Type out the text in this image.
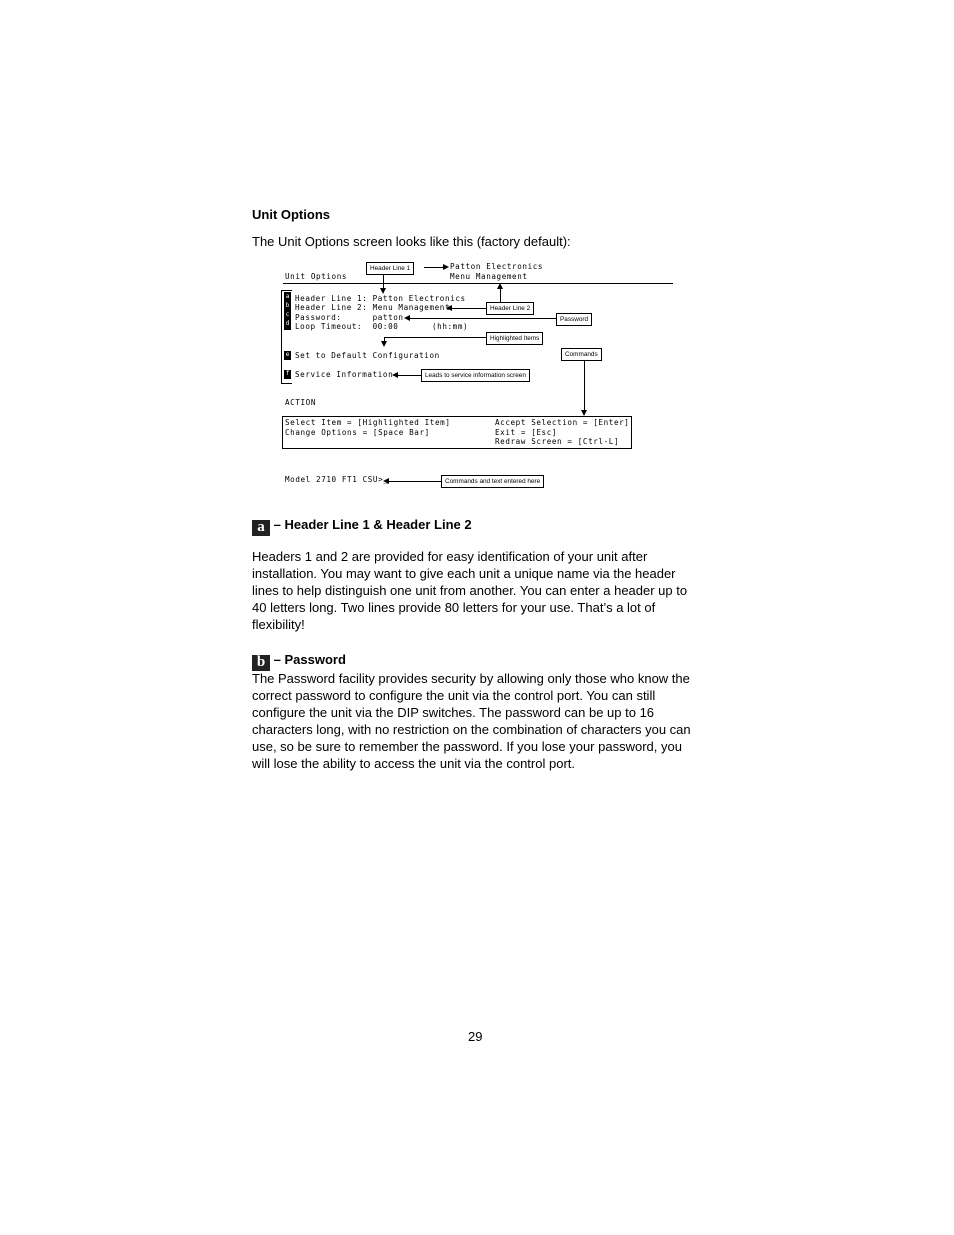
Unit Options
The Unit Options screen looks like this (factory default):
Unit Options
Patton Electronics
Menu Management
Header Line 1
a b c d
e
f
Header Line 1: Patton Electronics
Header Line 2: Menu Management
Password:      patton
Loop Timeout:  00:00	(hh:mm)
Set to Default Configuration
Service Information
Header Line 2
Password
Highlighted Items
Commands
Leads to service information screen
ACTION
Select Item = [Highlighted Item]
Change Options = [Space Bar]
Accept Selection = [Enter]
Exit = [Esc]
Redraw Screen = [Ctrl-L]
Model 2710 FT1 CSU>_	Commands and text entered here
a – Header Line 1 & Header Line 2
Headers 1 and 2 are provided for easy identification of your unit after installation. You may want to give each unit a unique name via the header lines to help distinguish one unit from another. You can enter a header up to 40 letters long. Two lines provide 80 letters for your use. That’s a lot of flexibility!
b – Password
The Password facility provides security by allowing only those who know the correct password to configure the unit via the control port. You can still configure the unit via the DIP switches. The password can be up to 16 characters long, with no restriction on the combination of characters you can use, so be sure to remember the password. If you lose your password, you will lose the ability to access the unit via the control port.
29
